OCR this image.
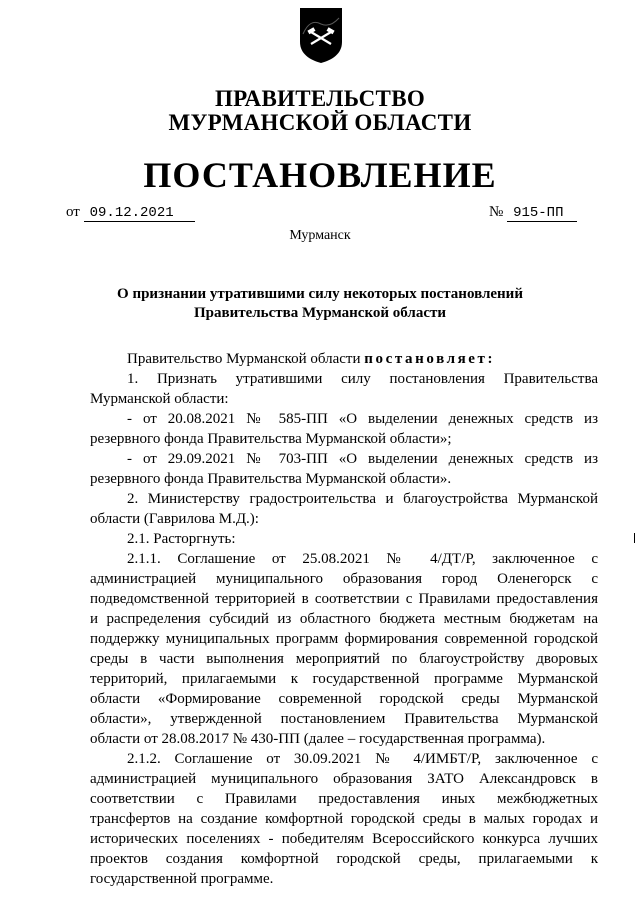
ПРАВИТЕЛЬСТВО
МУРМАНСКОЙ ОБЛАСТИ
ПОСТАНОВЛЕНИЕ
от 09.12.2021	№ 915-ПП
Мурманск
О признании утратившими силу некоторых постановлений
Правительства Мурманской области
Правительство Мурманской области постановляет:
1. Признать утратившими силу постановления Правительства
Мурманской области:
- от 20.08.2021 № 585-ПП «О выделении денежных средств из
резервного фонда Правительства Мурманской области»;
- от 29.09.2021 № 703-ПП «О выделении денежных средств из
резервного фонда Правительства Мурманской области».
2. Министерству градостроительства и благоустройства Мурманской
области (Гаврилова М.Д.):
2.1. Расторгнуть:
2.1.1. Соглашение от 25.08.2021 № 4/ДТ/Р, заключенное с
администрацией муниципального образования город Оленегорск с
подведомственной территорией в соответствии с Правилами предоставления
и распределения субсидий из областного бюджета местным бюджетам на
поддержку муниципальных программ формирования современной городской
среды в части выполнения мероприятий по благоустройству дворовых
территорий, прилагаемыми к государственной программе Мурманской
области «Формирование современной городской среды Мурманской
области», утвержденной постановлением Правительства Мурманской
области от 28.08.2017 № 430-ПП (далее – государственная программа).
2.1.2. Соглашение от 30.09.2021 № 4/ИМБТ/Р, заключенное с
администрацией муниципального образования ЗАТО Александровск в
соответствии с Правилами предоставления иных межбюджетных
трансфертов на создание комфортной городской среды в малых городах и
исторических поселениях - победителям Всероссийского конкурса лучших
проектов создания комфортной городской среды, прилагаемыми к
государственной программе.
